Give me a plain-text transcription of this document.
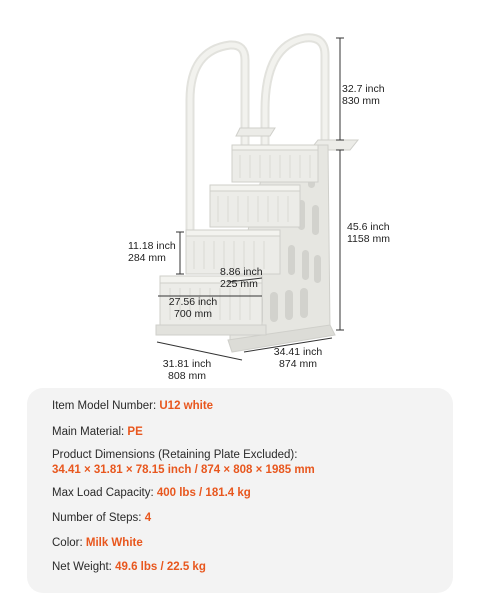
32.7 inch
830 mm
45.6 inch
1158 mm
11.18 inch
284 mm
8.86 inch
225 mm
27.56 inch
700 mm
31.81 inch
808 mm
34.41 inch
874 mm
Item Model Number: U12 white
Main Material: PE
Product Dimensions (Retaining Plate Excluded):
34.41 × 31.81 × 78.15 inch / 874 × 808 × 1985 mm
Max Load Capacity: 400 lbs / 181.4 kg
Number of Steps: 4
Color: Milk White
Net Weight: 49.6 lbs / 22.5 kg
